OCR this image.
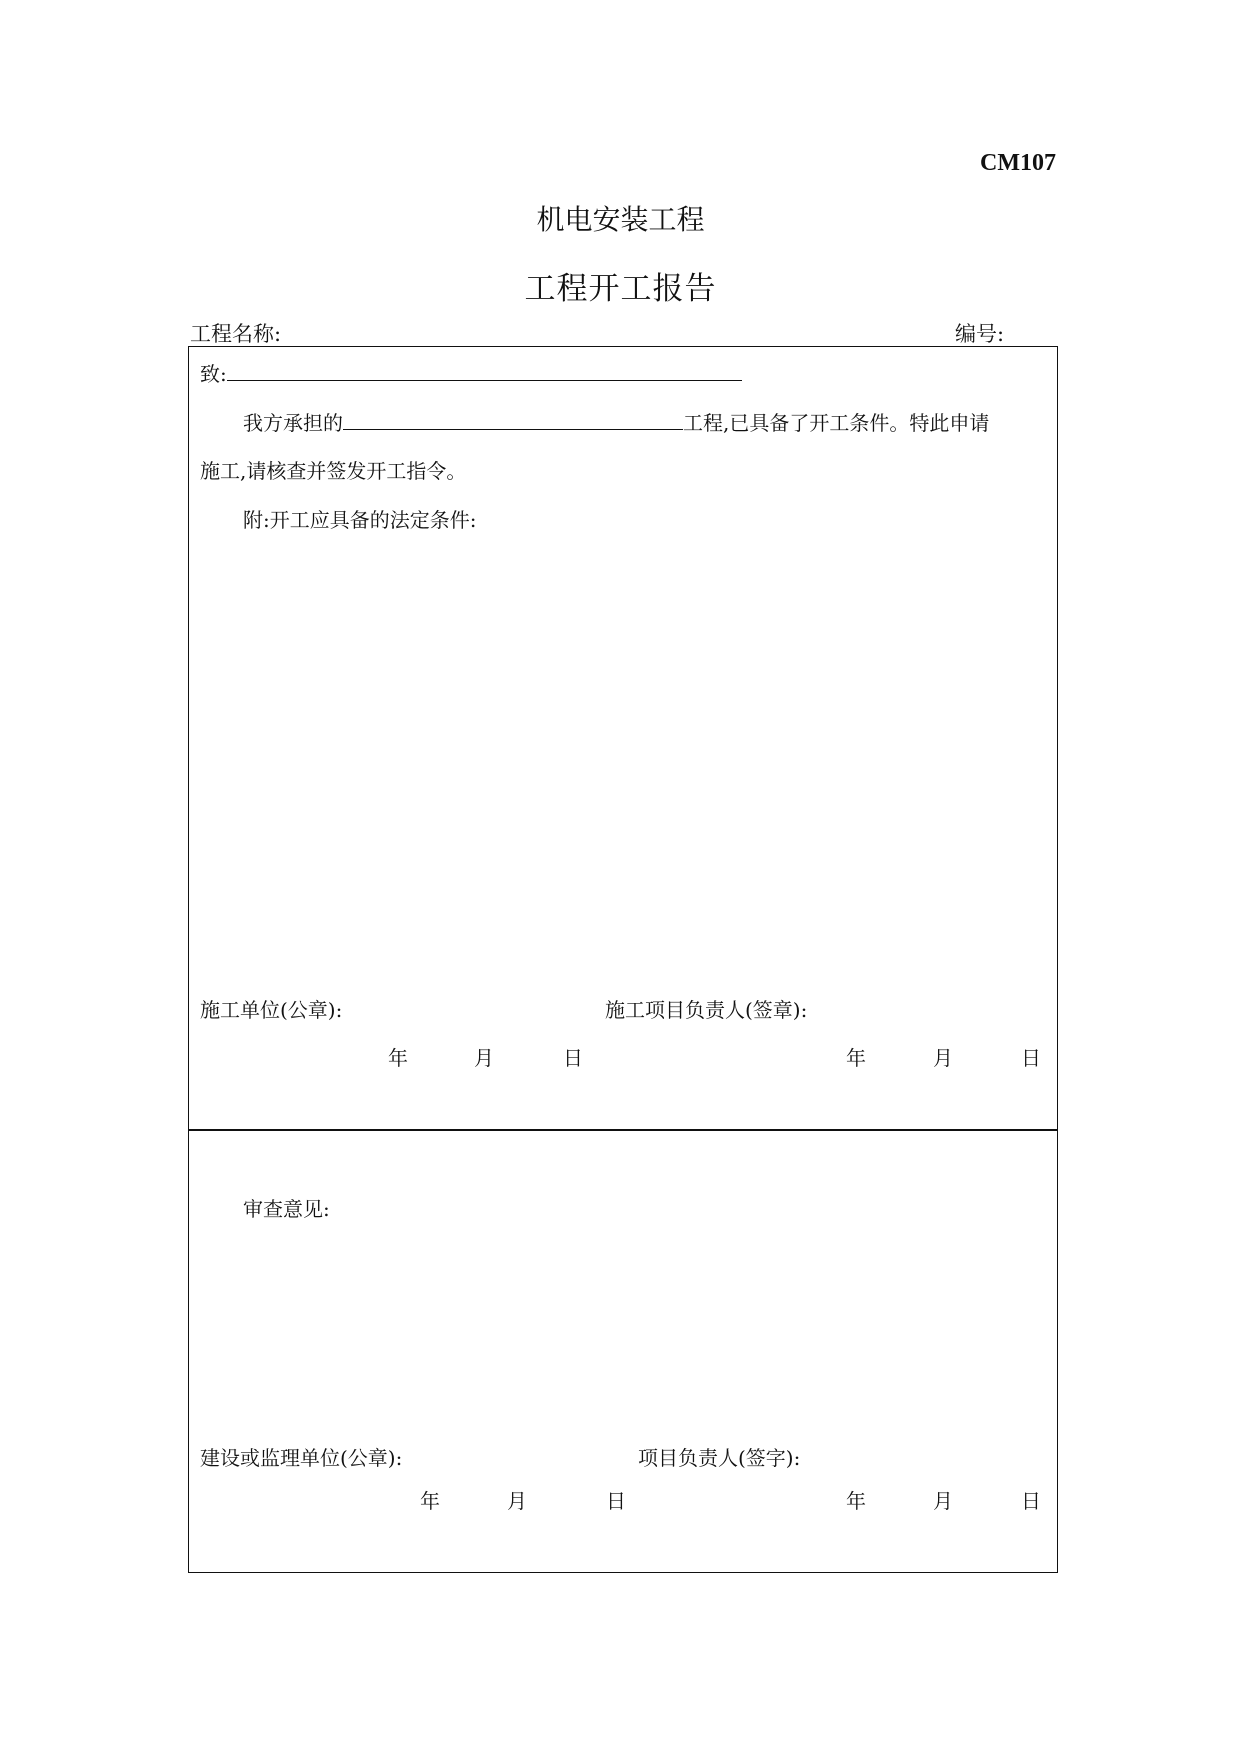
CM107
机电安装工程
工程开工报告
工程名称:	编号:
致:
我方承担的	工程,已具备了开工条件。特此申请
施工,请核查并签发开工指令。
附:开工应具备的法定条件:
施工单位(公章):	施工项目负责人(签章):
年	月	日	年	月	日
审查意见:
建设或监理单位(公章):	项目负责人(签字):
年	月	日	年	月	日
